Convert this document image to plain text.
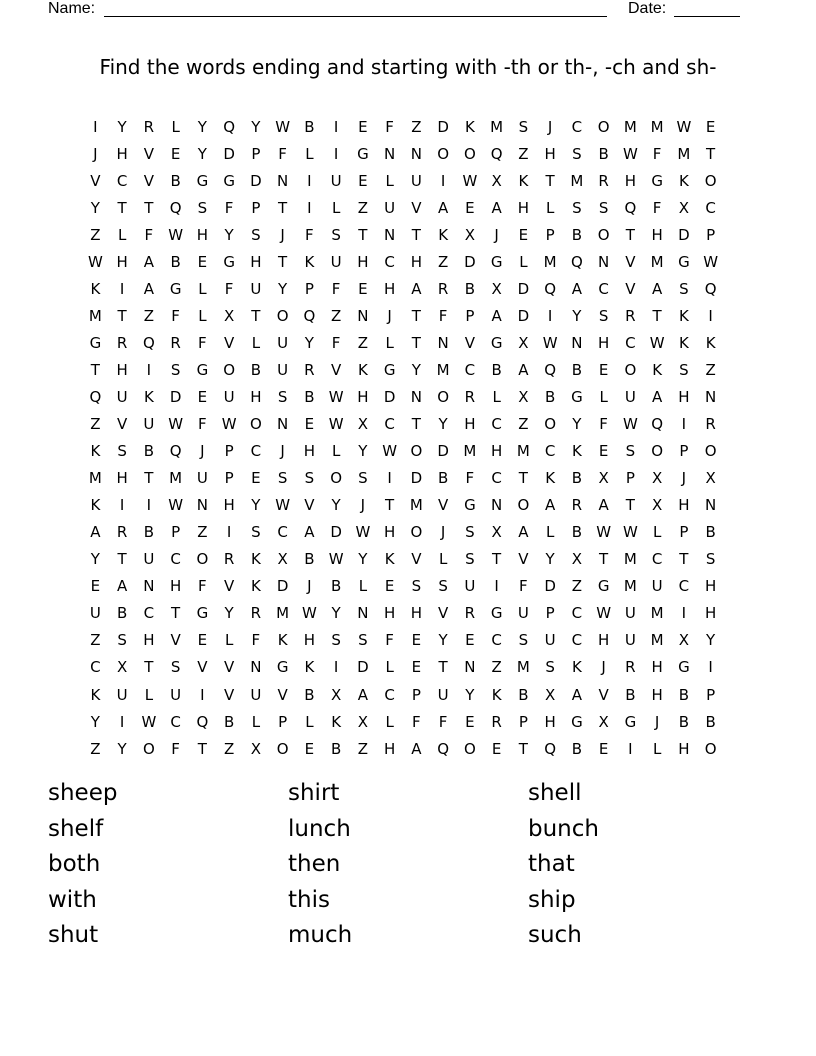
Name:	Date:
Find the words ending and starting with -th or th-, -ch and sh-
I	Y	R	L	Y	Q	Y W B	I	E	F	Z	D	K	M	S	J	C	O M M W E
J	H	V	E	Y	D	P	F	L	I	G	N	N	O O Q	Z	H	S	B W	F	M	T
V	C	V	B	G	G	D	N	I	U	E	L	U	I	W X	K	T	M	R	H	G	K	O
Y	T	T	Q	S	F	P	T	I	L	Z	U	V	A	E	A	H	L	S	S	Q	F	X	C
Z	L	F	W H	Y	S	J	F	S	T	N	T	K	X	J	E	P	B	O	T	H	D	P
W H	A	B	E	G	H	T	K	U	H	C	H	Z	D	G	L	M Q	N	V	M G W
K	I	A	G	L	F	U	Y	P	F	E	H	A	R	B	X	D	Q	A	C	V	A	S	Q
M	T	Z	F	L	X	T	O Q	Z	N	J	T	F	P	A	D	I	Y	S	R	T	K	I
G	R	Q	R	F	V	L	U	Y	F	Z	L	T	N	V	G	X W N	H	C W K	K
T	H	I	S	G	O	B	U	R	V	K	G	Y	M	C	B	A	Q	B	E	O	K	S	Z
Q	U	K	D	E	U	H	S	B W H	D	N	O	R	L	X	B	G	L	U	A	H	N
Z	V	U W	F	W O	N	E W X	C	T	Y	H	C	Z	O	Y	F	W Q	I	R
K	S	B	Q	J	P	C	J	H	L	Y W O	D M H M	C	K	E	S	O	P	O
M H	T	M U	P	E	S	S	O	S	I	D	B	F	C	T	K	B	X	P	X	J	X
K	I	I	W N	H	Y W V	Y	J	T	M	V	G	N	O	A	R	A	T	X	H	N
A	R	B	P	Z	I	S	C	A	D W H	O	J	S	X	A	L	B W W	L	P	B
Y	T	U	C	O	R	K	X	B W Y	K	V	L	S	T	V	Y	X	T	M	C	T	S
E	A	N	H	F	V	K	D	J	B	L	E	S	S	U	I	F	D	Z	G M U	C	H
U	B	C	T	G	Y	R	M W Y	N	H	H	V	R	G	U	P	C W U M	I	H
Z	S	H	V	E	L	F	K	H	S	S	F	E	Y	E	C	S	U	C	H	U M	X	Y
C	X	T	S	V	V	N	G	K	I	D	L	E	T	N	Z	M	S	K	J	R	H	G	I
K	U	L	U	I	V	U	V	B	X	A	C	P	U	Y	K	B	X	A	V	B	H	B	P
Y	I	W C	Q	B	L	P	L	K	X	L	F	F	E	R	P	H	G	X	G	J	B	B
Z	Y	O	F	T	Z	X	O	E	B	Z	H	A	Q O	E	T	Q	B	E	I	L	H	O
sheep	shirt	shell
shelf	lunch	bunch
both	then	that
with	this	ship
shut	much	such
